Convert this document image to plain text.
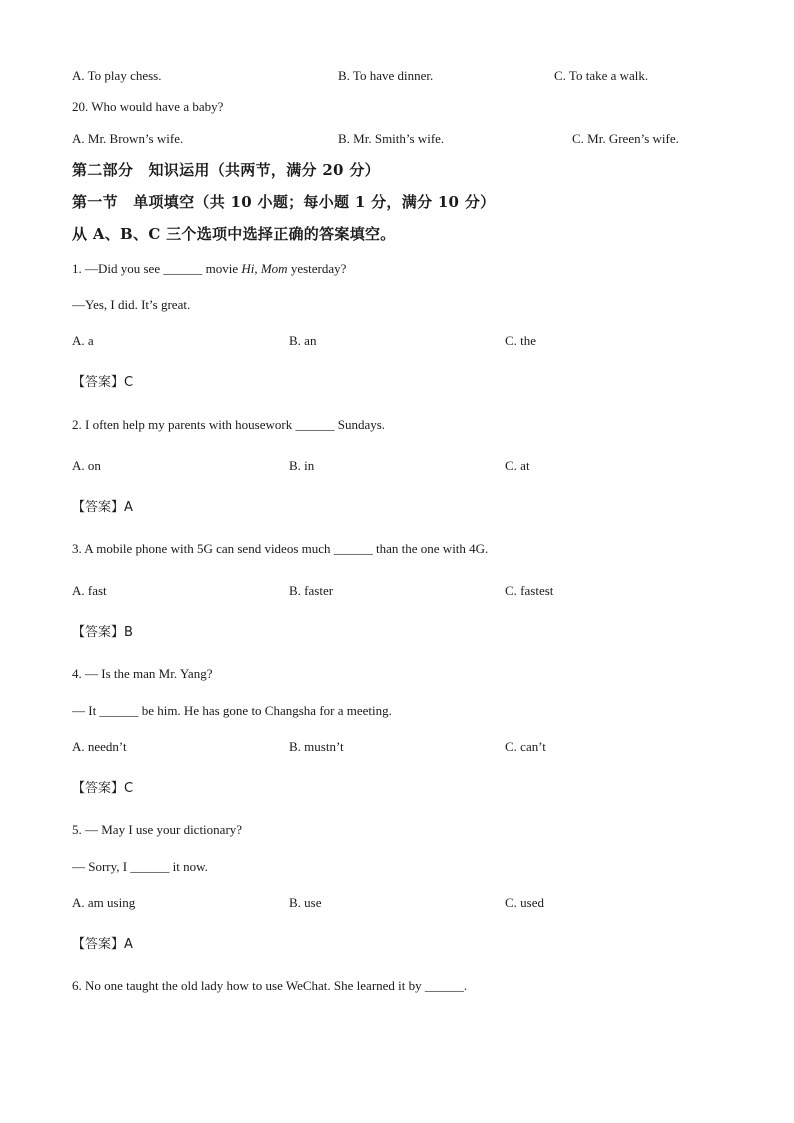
A. To play chess.	B. To have dinner.	C. To take a walk.
20. Who would have a baby?
A. Mr. Brown’s wife.	B. Mr. Smith’s wife.	C. Mr. Green’s wife.
第二部分　知识运用（共两节，满分 20 分）
第一节　单项填空（共 10 小题；每小题 1 分，满分 10 分）
从 A、B、C 三个选项中选择正确的答案填空。
1. —Did you see ______ movie Hi, Mom yesterday?
—Yes, I did. It’s great.
A. a	B. an	C. the
【答案】C
2. I often help my parents with housework ______ Sundays.
A. on	B. in	C. at
【答案】A
3. A mobile phone with 5G can send videos much ______ than the one with 4G.
A. fast	B. faster	C. fastest
【答案】B
4. — Is the man Mr. Yang?
— It ______ be him. He has gone to Changsha for a meeting.
A. needn’t	B. mustn’t	C. can’t
【答案】C
5. — May I use your dictionary?
— Sorry, I ______ it now.
A. am using	B. use	C. used
【答案】A
6. No one taught the old lady how to use WeChat. She learned it by ______.
